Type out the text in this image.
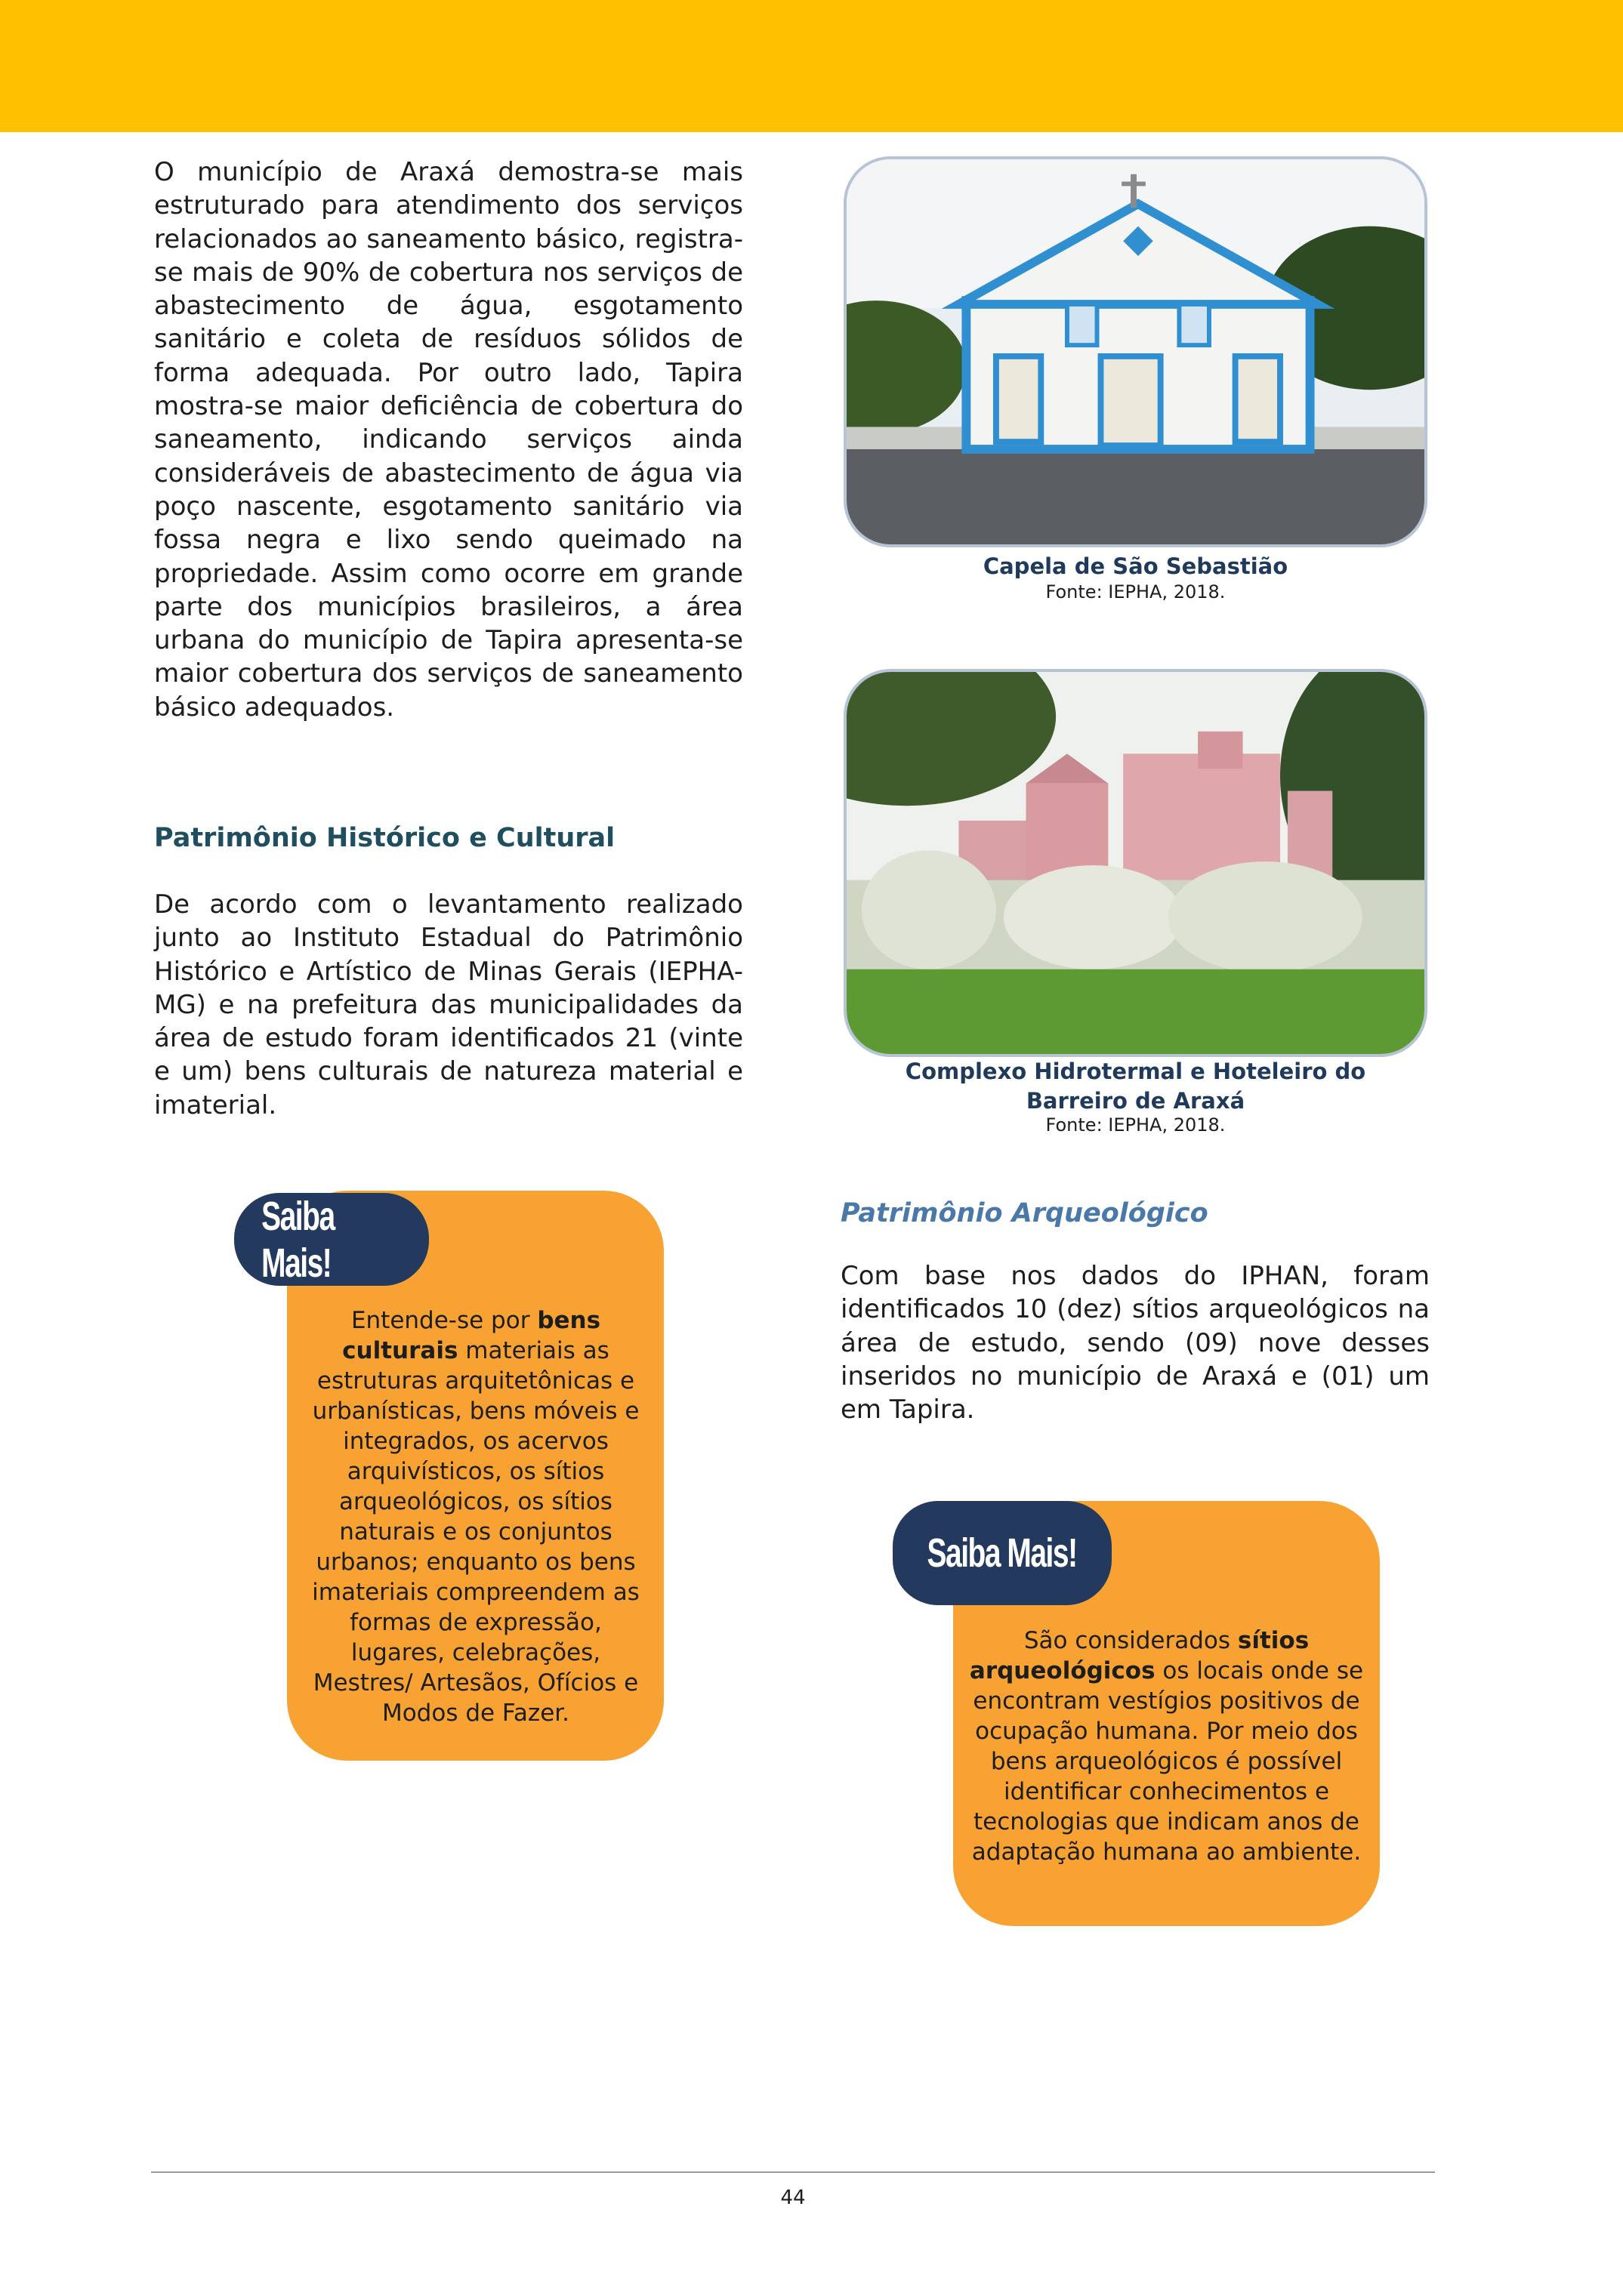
O município de Araxá demostra-se mais estruturado para atendimento dos serviços relacionados ao saneamento básico, registra-se mais de 90% de cobertura nos serviços de abastecimento de água, esgotamento sanitário e coleta de resíduos sólidos de forma adequada. Por outro lado, Tapira mostra-se maior deficiência de cobertura do saneamento, indicando serviços ainda consideráveis de abastecimento de água via poço nascente, esgotamento sanitário via fossa negra e lixo sendo queimado na propriedade. Assim como ocorre em grande parte dos municípios brasileiros, a área urbana do município de Tapira apresenta-se maior cobertura dos serviços de saneamento básico adequados.

Patrimônio Histórico e Cultural

De acordo com o levantamento realizado junto ao Instituto Estadual do Patrimônio Histórico e Artístico de Minas Gerais (IEPHA-MG) e na prefeitura das municipalidades da área de estudo foram identificados 21 (vinte e um) bens culturais de natureza material e imaterial.

Capela de São Sebastião

Fonte: IEPHA, 2018.

Complexo Hidrotermal e Hoteleiro do
Barreiro de Araxá

Fonte: IEPHA, 2018.

Saiba Mais!

Entende-se por bens culturais materiais as estruturas arquitetônicas e urbanísticas, bens móveis e integrados, os acervos arquivísticos, os sítios arqueológicos, os sítios naturais e os conjuntos urbanos; enquanto os bens imateriais compreendem as formas de expressão, lugares, celebrações, Mestres/ Artesãos, Ofícios e Modos de Fazer.

Patrimônio Arqueológico

Com base nos dados do IPHAN, foram identificados 10 (dez) sítios arqueológicos na área de estudo, sendo (09) nove desses inseridos no município de Araxá e (01) um em Tapira.

Saiba Mais!

São considerados sítios arqueológicos os locais onde se encontram vestígios positivos de ocupação humana. Por meio dos bens arqueológicos é possível identificar conhecimentos e tecnologias que indicam anos de adaptação humana ao ambiente.

44
